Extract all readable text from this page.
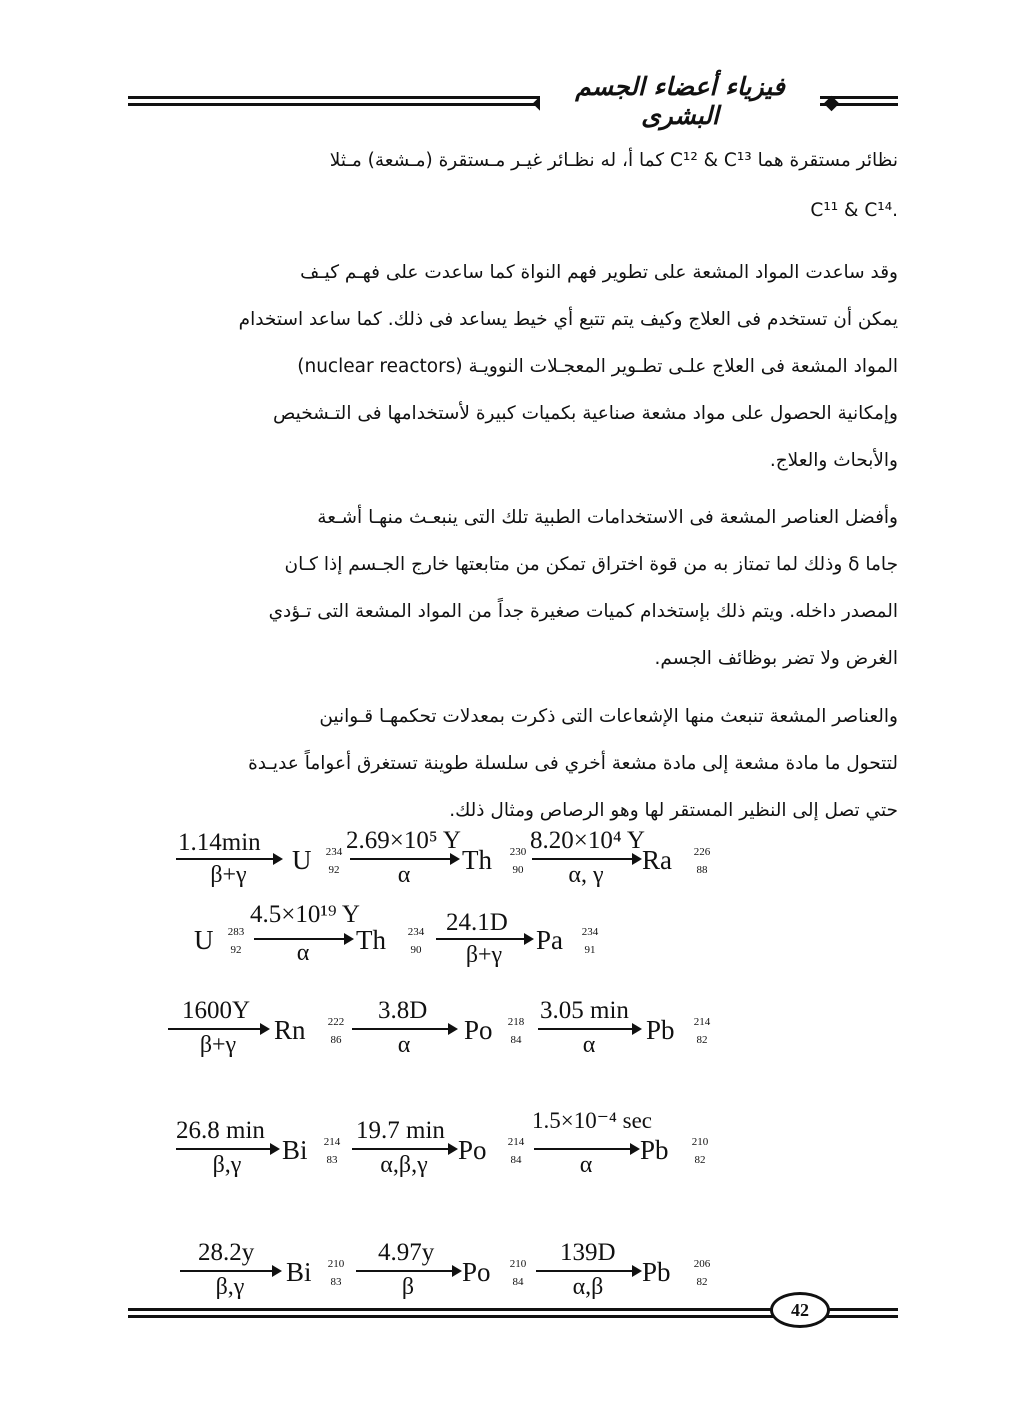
فيزياء أعضاء الجسم البشرى
نظائر مستقرة هما C¹² & C¹³ كما أ، له نظـائر غيـر مـستقرة (مـشعة) مـثلا
.C¹¹ & C¹⁴
وقد ساعدت المواد المشعة على تطوير فهم النواة كما ساعدت على فهـم كيـف
يمكن أن تستخدم فى العلاج وكيف يتم تتبع أي خيط يساعد فى ذلك. كما ساعد استخدام
المواد المشعة فى العلاج علـى تطـوير المعجـلات النوويـة (nuclear reactors)
وإمكانية الحصول على مواد مشعة صناعية بكميات كبيرة لأستخدامها فى التـشخيص
والأبحاث والعلاج.
وأفضل العناصر المشعة فى الاستخدامات الطبية تلك التى ينبعـث منهـا أشـعة
جاما δ وذلك لما تمتاز به من قوة اختراق تمكن من متابعتها خارج الجـسم إذا كـان
المصدر داخله. ويتم ذلك بإستخدام كميات صغيرة جداً من المواد المشعة التى تـؤدي
الغرض ولا تضر بوظائف الجسم.
والعناصر المشعة تنبعث منها الإشعاعات التى ذكرت بمعدلات تحكمهـا قـوانين
لتتحول ما مادة مشعة إلى مادة مشعة أخري فى سلسلة طوينة تستغرق أعواماً عديـدة
حتي تصل إلى النظير المستقر لها وهو الرصاص ومثال ذلك.
1.14min
β+γ	U 234
92
2.69×10⁵ Y
α	Th 230
90
8.20×10⁴ Y
α, γ	Ra 226
88
U 283
92
4.5×10¹⁹ Y
α	Th 234
90
24.1D
β+γ	Pa 234
91
1600Y
β+γ	Rn 222
86
3.8D
α	Po 218
84
3.05 min
α	Pb 214
82
26.8 min
β,γ	Bi 214
83
19.7 min
α,β,γ	Po 214
84
1.5×10⁻⁴ sec
α	Pb 210
82
28.2y
β,γ	Bi 210
83
4.97y
β	Po 210
84
139D
α,β	Pb 206
82
42
